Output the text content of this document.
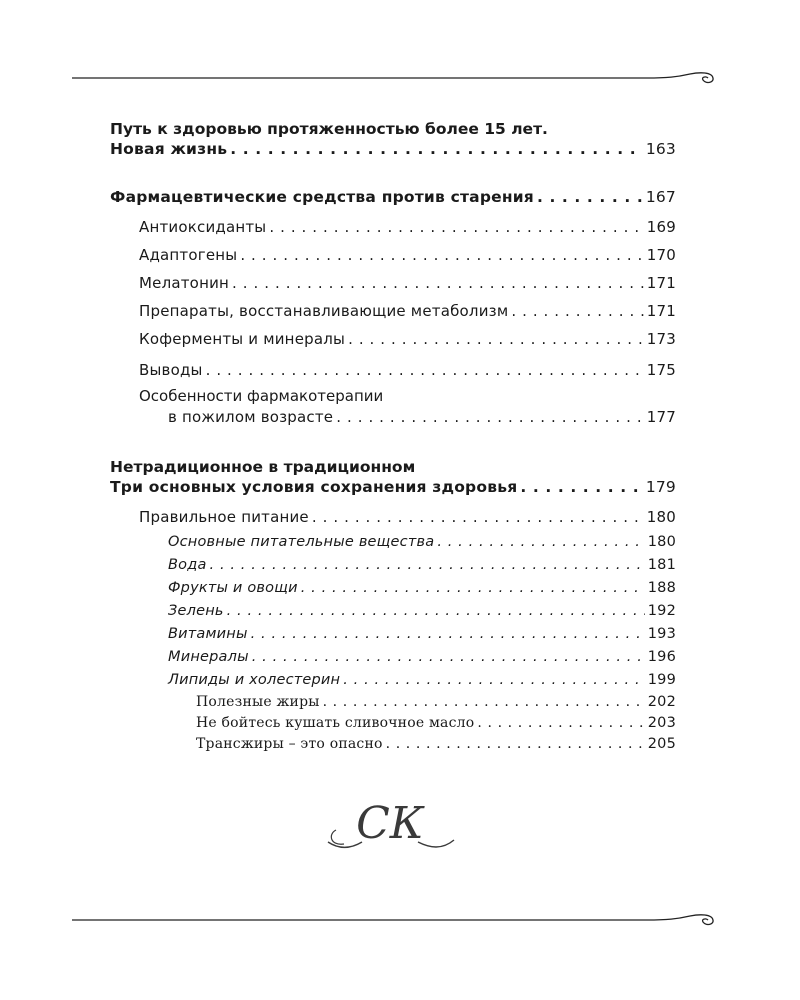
Путь к здоровью протяженностью более 15 лет.
Новая жизнь . . .	163
Фармацевтические средства против старения . . .	167
Антиоксиданты . . .	169
Адаптогены . . .	170
Мелатонин . . .	171
Препараты, восстанавливающие метаболизм . . .	171
Коферменты и минералы . . .	173
Выводы . . .	175
Особенности фармакотерапии
в пожилом возрасте . . .	177
Нетрадиционное в традиционном
Три основных условия сохранения здоровья . . .	179
Правильное питание . . .	180
Основные питательные вещества . . .	180
Вода . . .	181
Фрукты и овощи . . .	188
Зелень . . .	192
Витамины . . .	193
Минералы . . .	196
Липиды и холестерин . . .	199
Полезные жиры . . .	202
Не бойтесь кушать сливочное масло . . .	203
Трансжиры – это опасно . . .	205
СК
